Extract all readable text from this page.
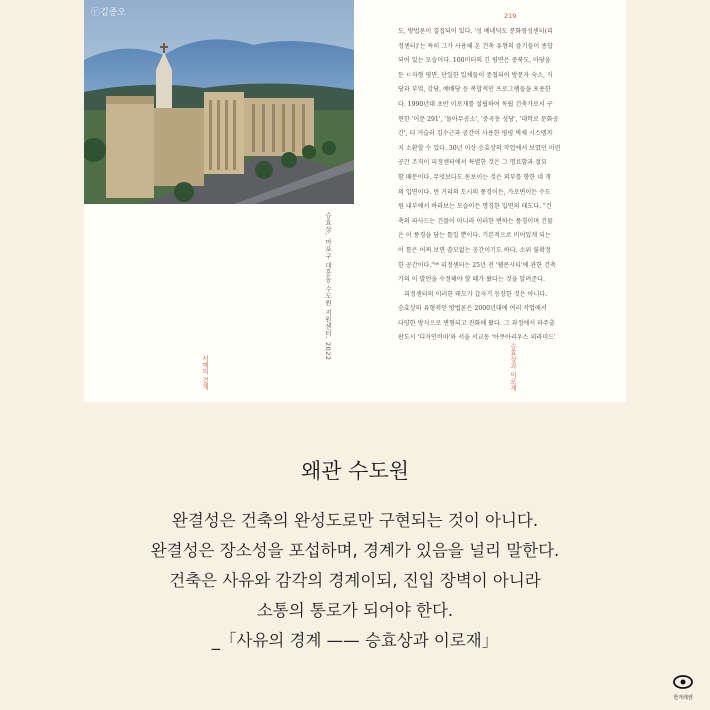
ⓒ김종오
승효상, 마포구 대흥동 수도원 지원센터, 2022
서예의 결계
219
도, 방법론이 결집되어 있다. '성 베네딕도 문화영성센터(피
정센터)'는 특히 그가 사용해 온 건축 유형의 즐기들이 종합
되어 있는 모습이다. 100미터의 긴 평면은 중북도, 마당을
둔 ㄷ자형 평면, 단일한 입체들이 중첩되어 방문자 숙소, 식
당과 부엌, 강당, 예배당 등 복합적인 프로그램들을 포용한
다. 1990년대 초반 이로재를 설립하여 독립 건축가로서 구
현한 '이문 291', '돌아무공소', '중곡동 성당', '대학로 문화공
간', 더 거슬러 김수근과 공간이 사용한 평평 벽체 시스템까
지 소환할 수 있다. 30년 이상 승효상의 작업에서 보였던 이런
공간 조직이 피정센터에서 특별한 것은 그 명료함과 절묘
함 때문이다. 무엇보다도 돋보이는 것은 외부를 향한 네 개
의 입면이다. 먼 거리의 도시의 풍경이든, 가로변이든 수도
원 내부에서 바라보는 모습이든 명징한 입면의 태도다. "건
축의 파사드는 건물이 아니라 이러한 변하는 풍경이며 건물
은 이 풍경을 담는 틀일 뿐이다. 기본적으로 비어있게 되는
이 틀은 어쩌 보면 쓸모없는 공간이기도 하다. 소위 불확정
한 공간이다."⁰⁸ 피정센터는 25년 전 '웰콘시티'에 관한 건축
가의 이 발언을 수정해야 할 때가 왔다는 것을 알려준다.
　피정센터의 이러한 태도가 갑자기 등장한 것은 아니다.
승효상의 유형적인 방법론은 2000년대에 여러 작업에서
다양한 방식으로 변형되고 진화해 왔다. 그 과정에서 파주출
판도시 '디자인비따'와 서울 서교동 '아쿠아리우스 피라미드'
승효상과 이로재
왜관 수도원
완결성은 건축의 완성도로만 구현되는 것이 아니다.
완결성은 장소성을 포섭하며, 경계가 있음을 널리 말한다.
건축은 사유와 감각의 경계이되, 진입 장벽이 아니라
소통의 통로가 되어야 한다.
_「사유의 경계 —— 승효상과 이로재」
한겨레엔
